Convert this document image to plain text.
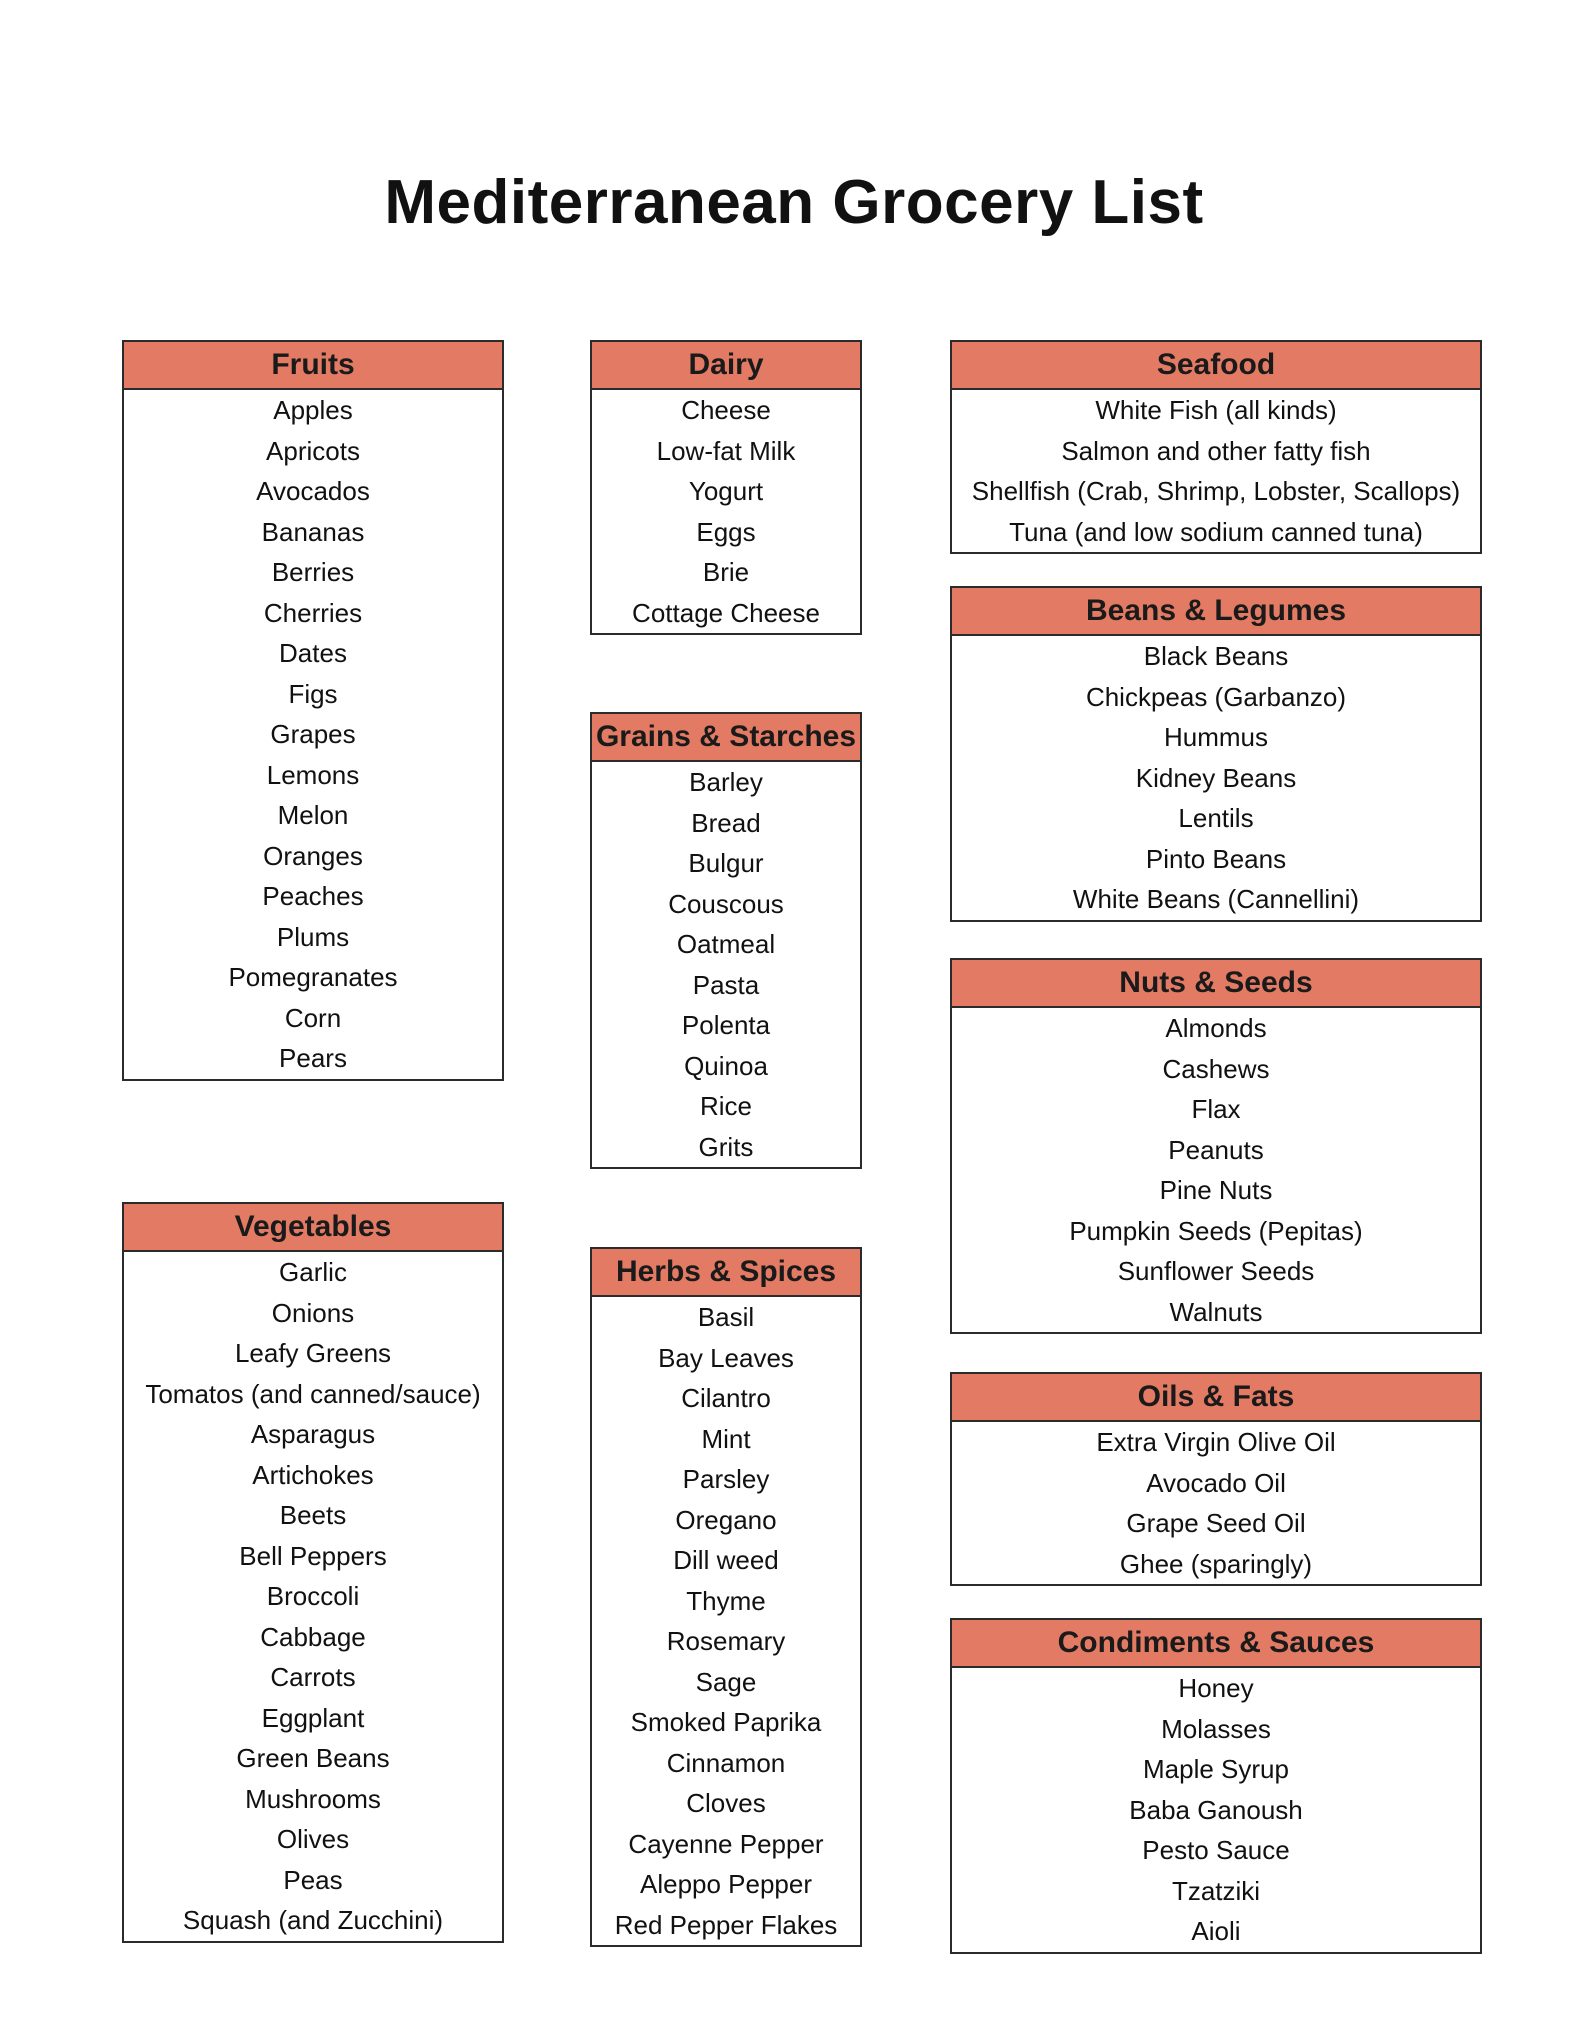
Mediterranean Grocery List
Fruits
Apples
Apricots
Avocados
Bananas
Berries
Cherries
Dates
Figs
Grapes
Lemons
Melon
Oranges
Peaches
Plums
Pomegranates
Corn
Pears
Vegetables
Garlic
Onions
Leafy Greens
Tomatos (and canned/sauce)
Asparagus
Artichokes
Beets
Bell Peppers
Broccoli
Cabbage
Carrots
Eggplant
Green Beans
Mushrooms
Olives
Peas
Squash (and Zucchini)
Dairy
Cheese
Low-fat Milk
Yogurt
Eggs
Brie
Cottage Cheese
Grains & Starches
Barley
Bread
Bulgur
Couscous
Oatmeal
Pasta
Polenta
Quinoa
Rice
Grits
Herbs & Spices
Basil
Bay Leaves
Cilantro
Mint
Parsley
Oregano
Dill weed
Thyme
Rosemary
Sage
Smoked Paprika
Cinnamon
Cloves
Cayenne Pepper
Aleppo Pepper
Red Pepper Flakes
Seafood
White Fish (all kinds)
Salmon and other fatty fish
Shellfish (Crab, Shrimp, Lobster, Scallops)
Tuna (and low sodium canned tuna)
Beans & Legumes
Black Beans
Chickpeas (Garbanzo)
Hummus
Kidney Beans
Lentils
Pinto Beans
White Beans (Cannellini)
Nuts & Seeds
Almonds
Cashews
Flax
Peanuts
Pine Nuts
Pumpkin Seeds (Pepitas)
Sunflower Seeds
Walnuts
Oils & Fats
Extra Virgin Olive Oil
Avocado Oil
Grape Seed Oil
Ghee (sparingly)
Condiments & Sauces
Honey
Molasses
Maple Syrup
Baba Ganoush
Pesto Sauce
Tzatziki
Aioli
